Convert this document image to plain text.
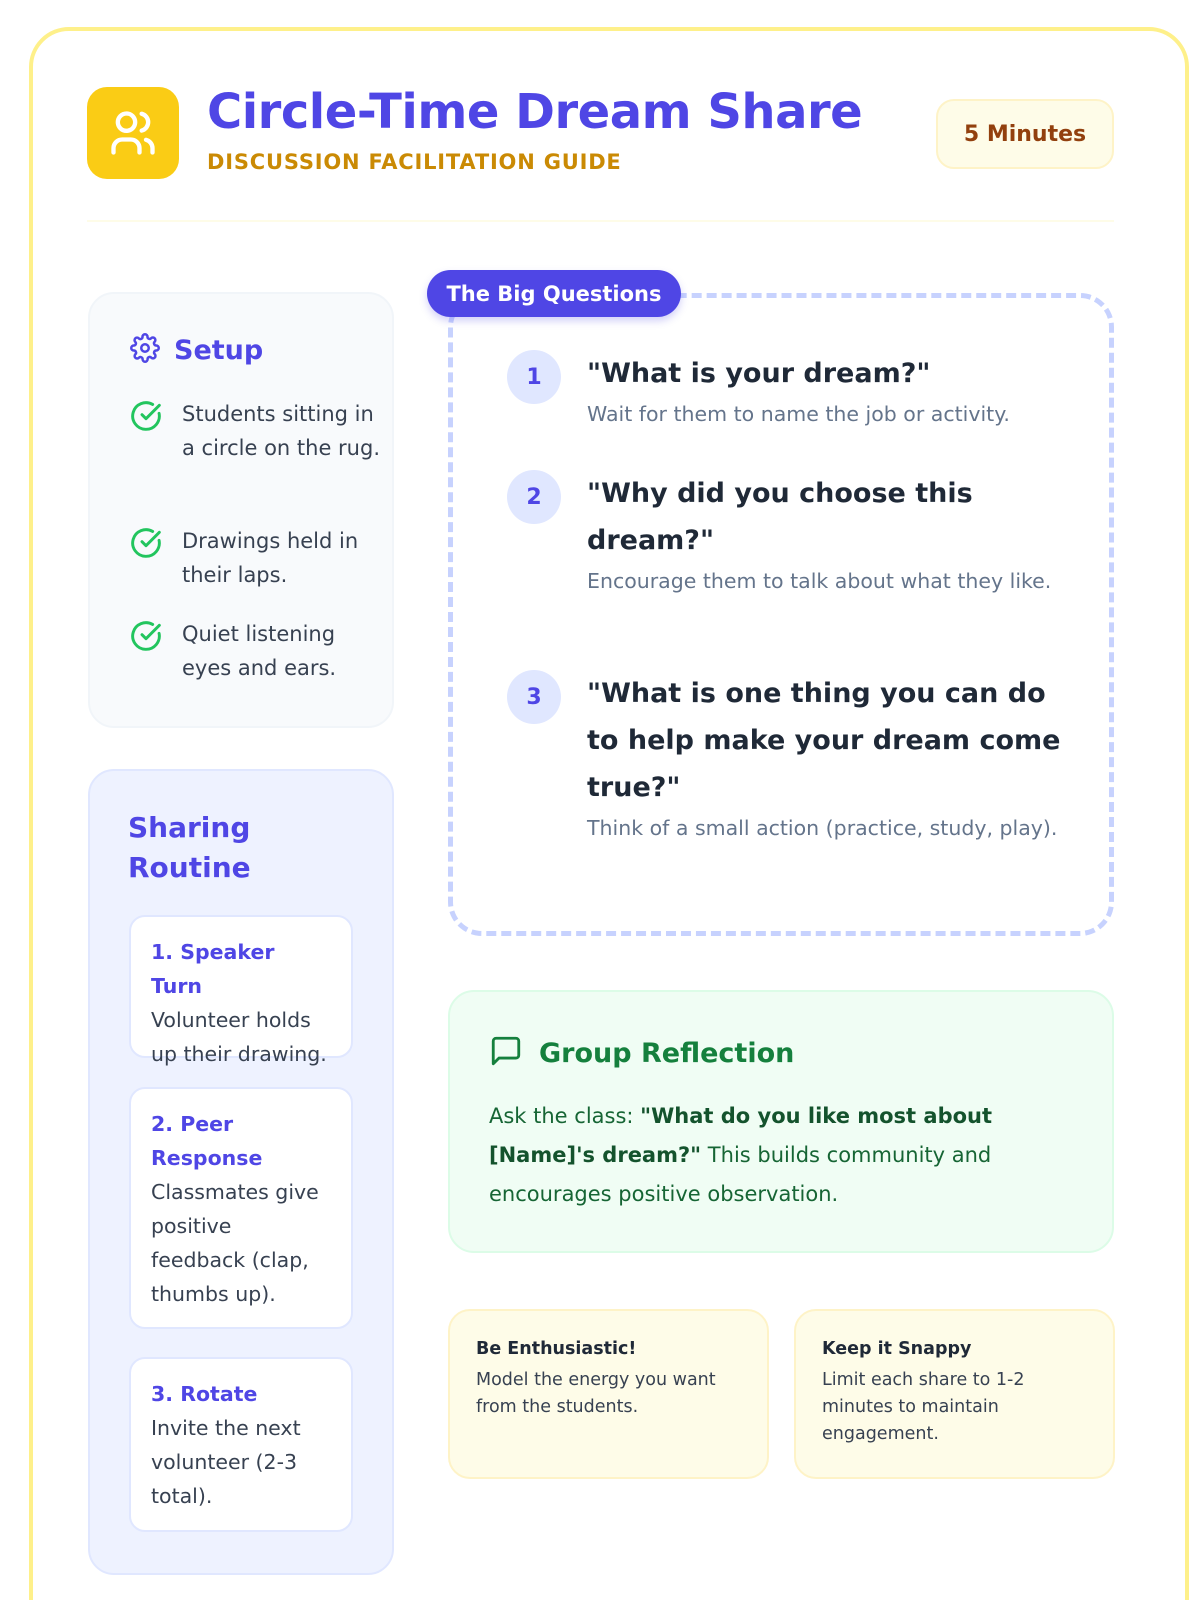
Circle-Time Dream Share
DISCUSSION FACILITATION GUIDE
5 Minutes
Setup
Students sitting in a circle on the rug.
Drawings held in their laps.
Quiet listening eyes and ears.
Sharing Routine
1. Speaker Turn
Volunteer holds up their drawing.
2. Peer Response
Classmates give positive feedback (clap, thumbs up).
3. Rotate
Invite the next volunteer (2-3 total).
The Big Questions
1	"What is your dream?"
Wait for them to name the job or activity.
2	"Why did you choose this dream?"
Encourage them to talk about what they like.
3	"What is one thing you can do to help make your dream come true?"
Think of a small action (practice, study, play).
Group Reflection
Ask the class: "What do you like most about [Name]'s dream?" This builds community and encourages positive observation.
Be Enthusiastic!
Model the energy you want from the students.
Keep it Snappy
Limit each share to 1-2 minutes to maintain engagement.
